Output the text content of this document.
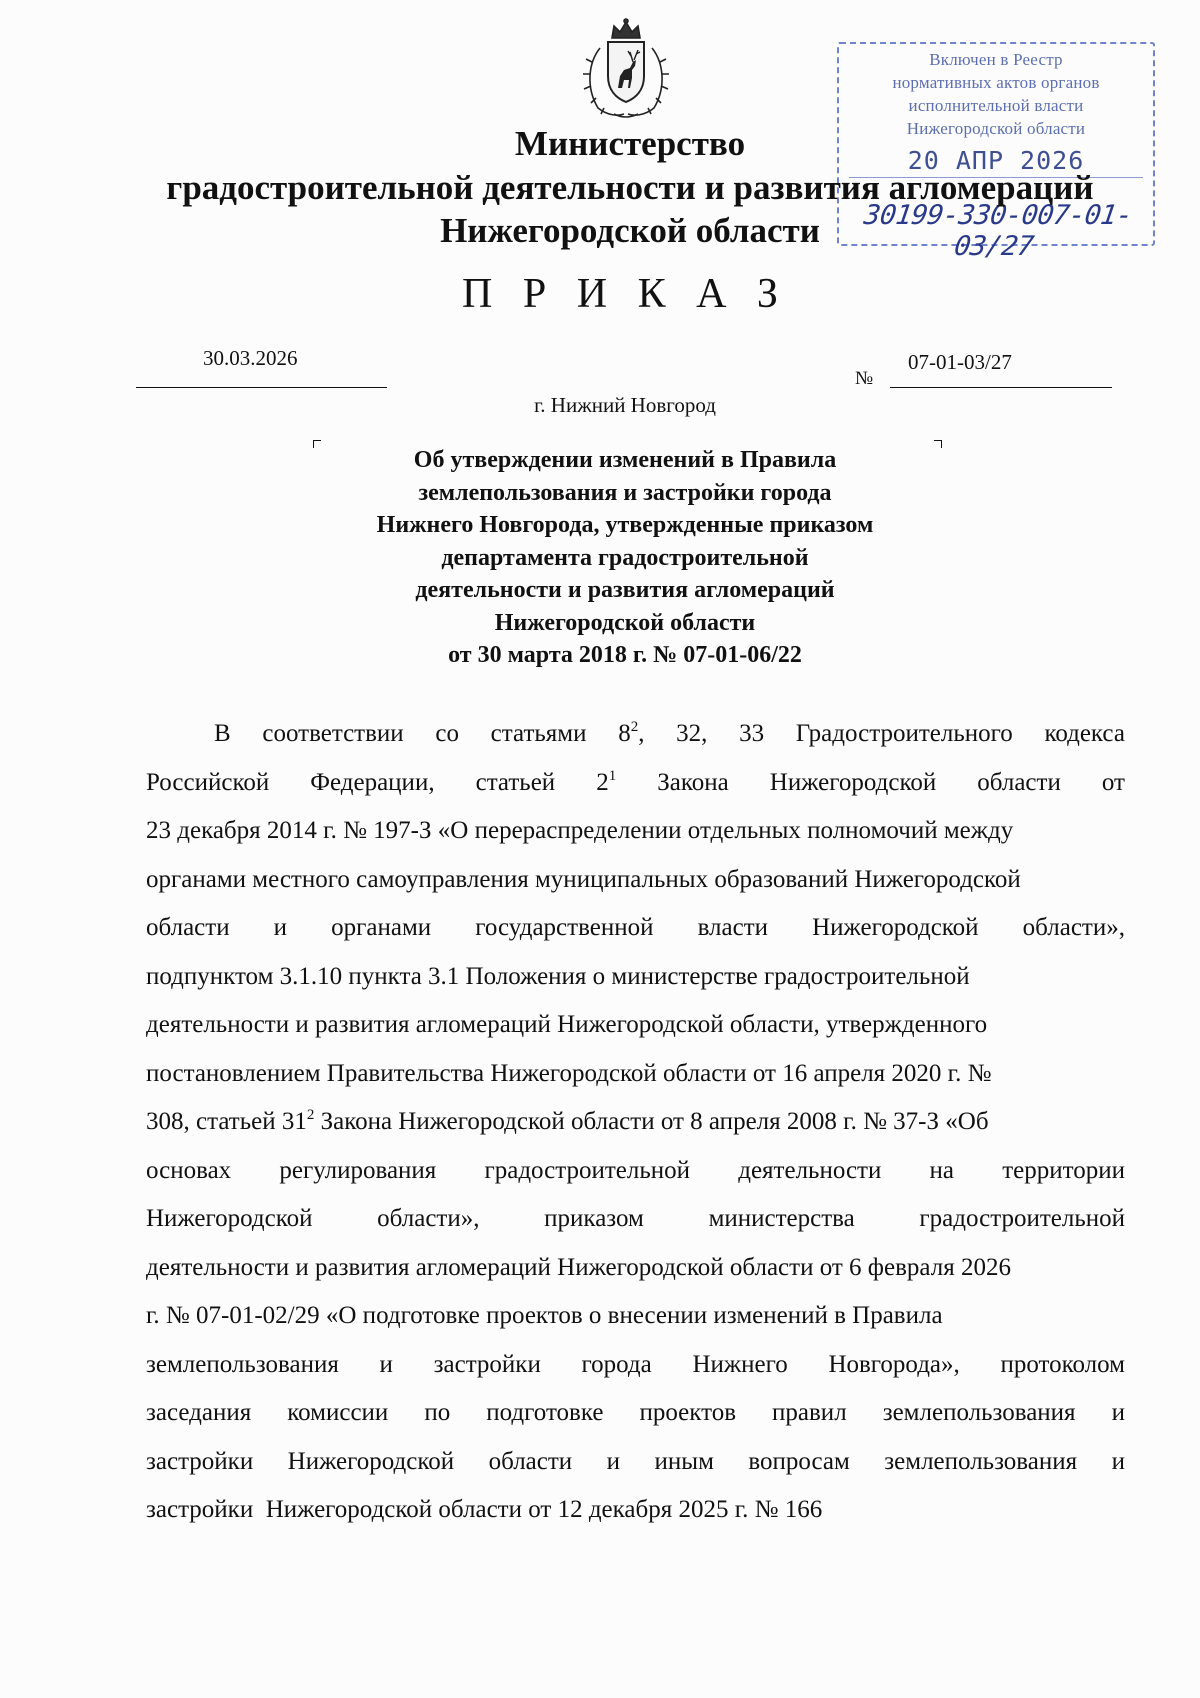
Включен в Реестр
нормативных актов органов
исполнительной власти
Нижегородской области
20 АПР 2026
30199-330-007-01-03/27
Министерство
градостроительной деятельности и развития агломераций
Нижегородской области
П Р И К А З
30.03.2026
№
07-01-03/27
г. Нижний Новгород
Об утверждении изменений в Правила
землепользования и застройки города
Нижнего Новгорода, утвержденные приказом
департамента градостроительной
деятельности и развития агломераций
Нижегородской области
от 30 марта 2018 г. № 07-01-06/22
В соответствии со статьями $8^2$, 32, 33 Градостроительного кодекса
Российской Федерации, статьей $2^1$ Закона Нижегородской области от
23 декабря 2014 г. № 197-З «О перераспределении отдельных полномочий между
органами местного самоуправления муниципальных образований Нижегородской
области и органами государственной власти Нижегородской области»,
подпунктом 3.1.10 пункта 3.1 Положения о министерстве градостроительной
деятельности и развития агломераций Нижегородской области, утвержденного
постановлением Правительства Нижегородской области от 16 апреля 2020 г. №
308, статьей $31^2$ Закона Нижегородской области от 8 апреля 2008 г. № 37-З «Об
основах регулирования градостроительной деятельности на территории
Нижегородской	области»,	приказом	министерства	градостроительной
деятельности и развития агломераций Нижегородской области от 6 февраля 2026
г. № 07-01-02/29 «О подготовке проектов о внесении изменений в Правила
землепользования и застройки города Нижнего Новгорода», протоколом
заседания комиссии по подготовке проектов правил землепользования и
застройки Нижегородской области и иным вопросам землепользования и
застройки  Нижегородской области от 12 декабря 2025 г. № 166
